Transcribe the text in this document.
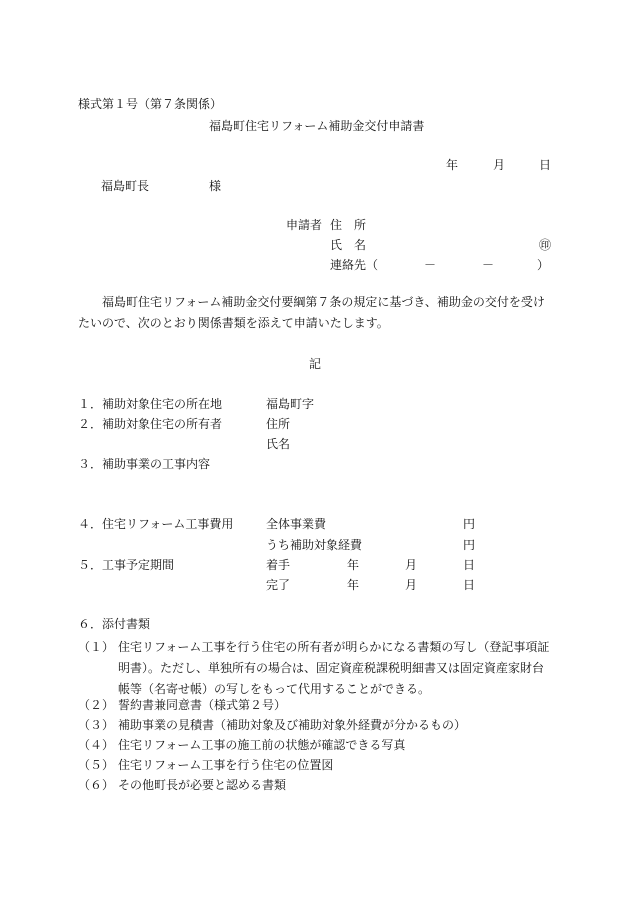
様式第１号（第７条関係）
福島町住宅リフォーム補助金交付申請書
年	月	日
福島町長	様
申請者 住　所
氏　名	㊞
連絡先（	－	－	）
福島町住宅リフォーム補助金交付要綱第７条の規定に基づき、補助金の交付を受けたいので、次のとおり関係書類を添えて申請いたします。
記
１．補助対象住宅の所在地	福島町字
２．補助対象住宅の所有者	住所
氏名
３．補助事業の工事内容
４．住宅リフォーム工事費用	全体事業費	円
うち補助対象経費	円
５．工事予定期間	着手	年	月	日
完了	年	月	日
６．添付書類
（１） 住宅リフォーム工事を行う住宅の所有者が明らかになる書類の写し（登記事項証明書）。ただし、単独所有の場合は、固定資産税課税明細書又は固定資産家財台帳等（名寄せ帳）の写しをもって代用することができる。
（２） 誓約書兼同意書（様式第２号）
（３） 補助事業の見積書（補助対象及び補助対象外経費が分かるもの）
（４） 住宅リフォーム工事の施工前の状態が確認できる写真
（５） 住宅リフォーム工事を行う住宅の位置図
（６） その他町長が必要と認める書類
